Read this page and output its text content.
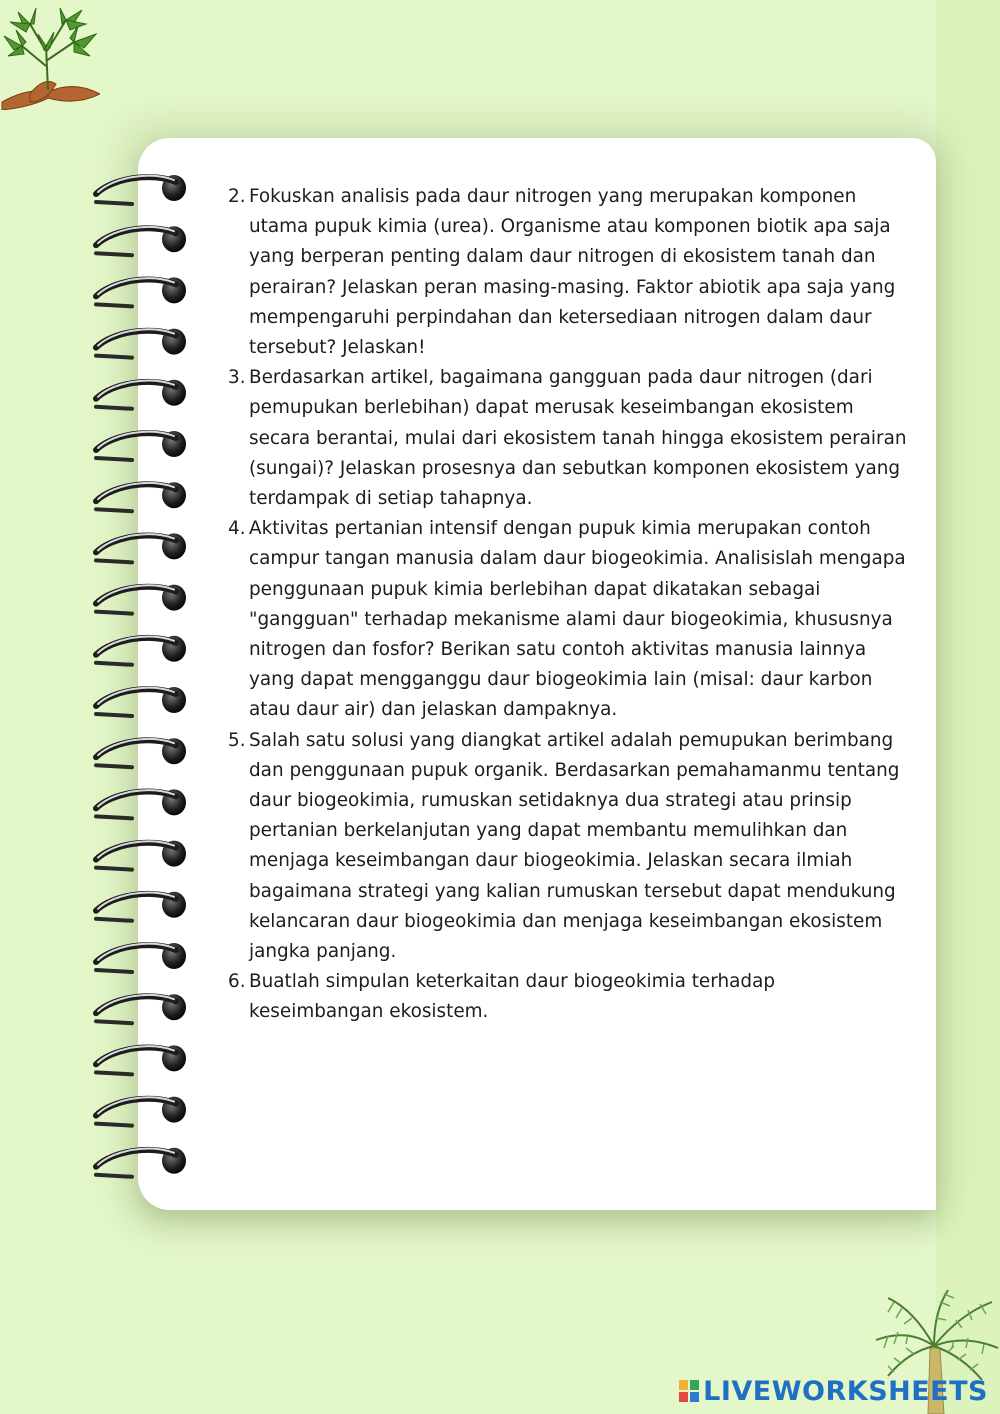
2. Fokuskan analisis pada daur nitrogen yang merupakan komponen utama pupuk kimia (urea). Organisme atau komponen biotik apa saja yang berperan penting dalam daur nitrogen di ekosistem tanah dan perairan? Jelaskan peran masing-masing. Faktor abiotik apa saja yang mempengaruhi perpindahan dan ketersediaan nitrogen dalam daur tersebut? Jelaskan!
3. Berdasarkan artikel, bagaimana gangguan pada daur nitrogen (dari pemupukan berlebihan) dapat merusak keseimbangan ekosistem secara berantai, mulai dari ekosistem tanah hingga ekosistem perairan (sungai)? Jelaskan prosesnya dan sebutkan komponen ekosistem yang terdampak di setiap tahapnya.
4. Aktivitas pertanian intensif dengan pupuk kimia merupakan contoh campur tangan manusia dalam daur biogeokimia. Analisislah mengapa penggunaan pupuk kimia berlebihan dapat dikatakan sebagai "gangguan" terhadap mekanisme alami daur biogeokimia, khususnya nitrogen dan fosfor? Berikan satu contoh aktivitas manusia lainnya yang dapat mengganggu daur biogeokimia lain (misal: daur karbon atau daur air) dan jelaskan dampaknya.
5. Salah satu solusi yang diangkat artikel adalah pemupukan berimbang dan penggunaan pupuk organik. Berdasarkan pemahamanmu tentang daur biogeokimia, rumuskan setidaknya dua strategi atau prinsip pertanian berkelanjutan yang dapat membantu memulihkan dan menjaga keseimbangan daur biogeokimia. Jelaskan secara ilmiah bagaimana strategi yang kalian rumuskan tersebut dapat mendukung kelancaran daur biogeokimia dan menjaga keseimbangan ekosistem jangka panjang.
6. Buatlah simpulan keterkaitan daur biogeokimia terhadap keseimbangan ekosistem.
LIVEWORKSHEETS
